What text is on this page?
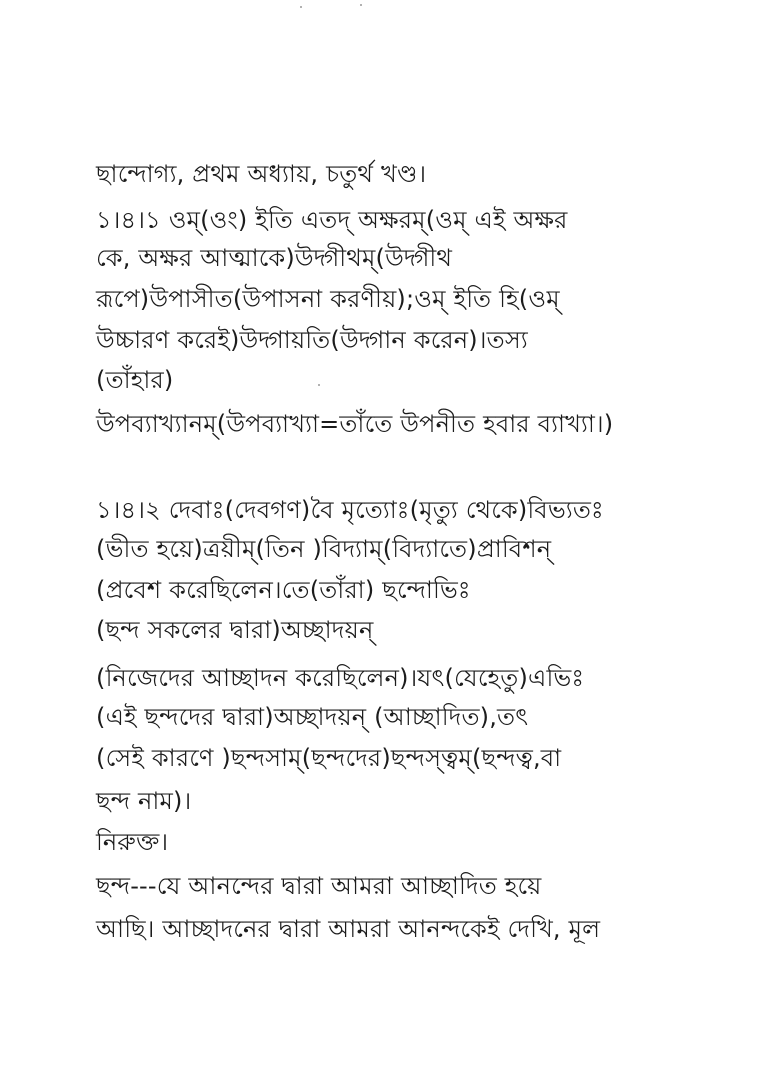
ছান্দোগ্য, প্রথম অধ্যায়, চতুর্থ খণ্ড।
১।৪।১ ওম্(ওং) ইতি এতদ্ অক্ষরম্(ওম্ এই অক্ষর
কে, অক্ষর আত্মাকে)উদ্গীথম্(উদ্গীথ
রূপে)উপাসীত(উপাসনা করণীয়);ওম্ ইতি হি(ওম্
উচ্চারণ করেই)উদ্গায়তি(উদ্গান করেন)।তস্য
(তাঁহার)
উপব্যাখ্যানম্(উপব্যাখ্যা=তাঁতে উপনীত হবার ব্যাখ্যা।)
১।৪।২ দেবাঃ(দেবগণ)বৈ মৃত্যোঃ(মৃত্যু থেকে)বিভ্যতঃ
(ভীত হয়ে)ত্রয়ীম্(তিন )বিদ্যাম্(বিদ্যাতে)প্রাবিশন্
(প্রবেশ করেছিলেন।তে(তাঁরা) ছন্দোভিঃ
(ছন্দ সকলের দ্বারা)অচ্ছাদয়ন্
(নিজেদের আচ্ছাদন করেছিলেন)।যৎ(যেহেতু)এভিঃ
(এই ছন্দদের দ্বারা)অচ্ছাদয়ন্ (আচ্ছাদিত),তৎ
(সেই কারণে )ছন্দসাম্(ছন্দদের)ছন্দস্ত্বম্(ছন্দত্ব,বা
ছন্দ নাম)।
নিরুক্ত।
ছন্দ---যে আনন্দের দ্বারা আমরা আচ্ছাদিত হয়ে
আছি। আচ্ছাদনের দ্বারা আমরা আনন্দকেই দেখি, মূল
